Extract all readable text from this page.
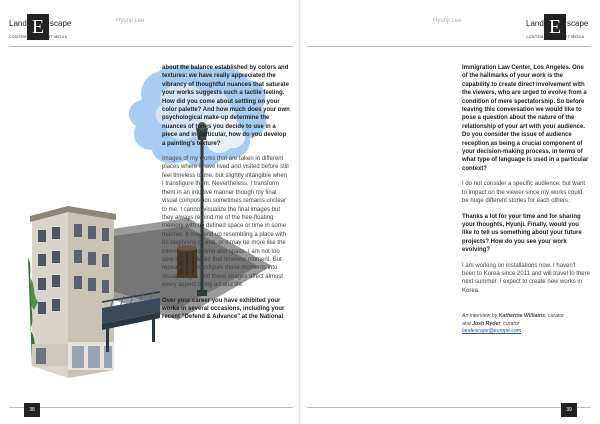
Land E scape
CONTEMPORARY ART MEDIA
Hyunji Lee	Hyunji Lee	Land E scape
CONTEMPORARY ART MEDIA

about the balance established by colors and textures: we have really appreciated the vibrancy of thoughtful nuances that saturate your works suggests such a tactile feeling. How did you come about settling on your color palette? And how much does your own psychological make-up determine the nuances of tones you decide to use in a piece and in particular, how do you develop a painting's texture?

Images of my works that are taken in different places where I have lived and visited before still feel timeless to me, but slightly intangible when I transfigure them. Nevertheless, I transform them in an intuitive manner though my final visual composition sometimes remains unclear to me. I cannot visualize the final images but they always remind me of the free-floating memory with no defined space or time in some manner. It may end up resembling a place with no beginning or end, or it may be more like the interweaving of time and space. I am not too sure how to depict that timeless moment. But repeatedly I transfigure those moments into visual images and these images affect almost every aspect of my art and life.

Over your career you have exhibited your works in several occasions, including your recent "Defend & Advance" at the National

Immigration Law Center, Los Angeles. One of the hallmarks of your work is the capability to create direct involvement with the viewers, who are urged to evolve from a condition of mere spectatorship. So before leaving this conversation we would like to pose a question about the nature of the relationship of your art with your audience. Do you consider the issue of audience reception as being a crucial component of your decision-making process, in terms of what type of language is used in a particular context?

I do not consider a specific audience, but want to impact on the viewer since my works could be huge different stories for each others.

Thanks a lot for your time and for sharing your thoughts, Hyunji. Finally, would you like to tell us something about your future projects? How do you see your work evolving?

I am working on installations now. I haven't been to Korea since 2011 and will travel to there next summer. I expect to create new works in Korea.

An interview by Katherine Williams, curator
and Josh Ryder, curator
landescape@europe.com
38	39
